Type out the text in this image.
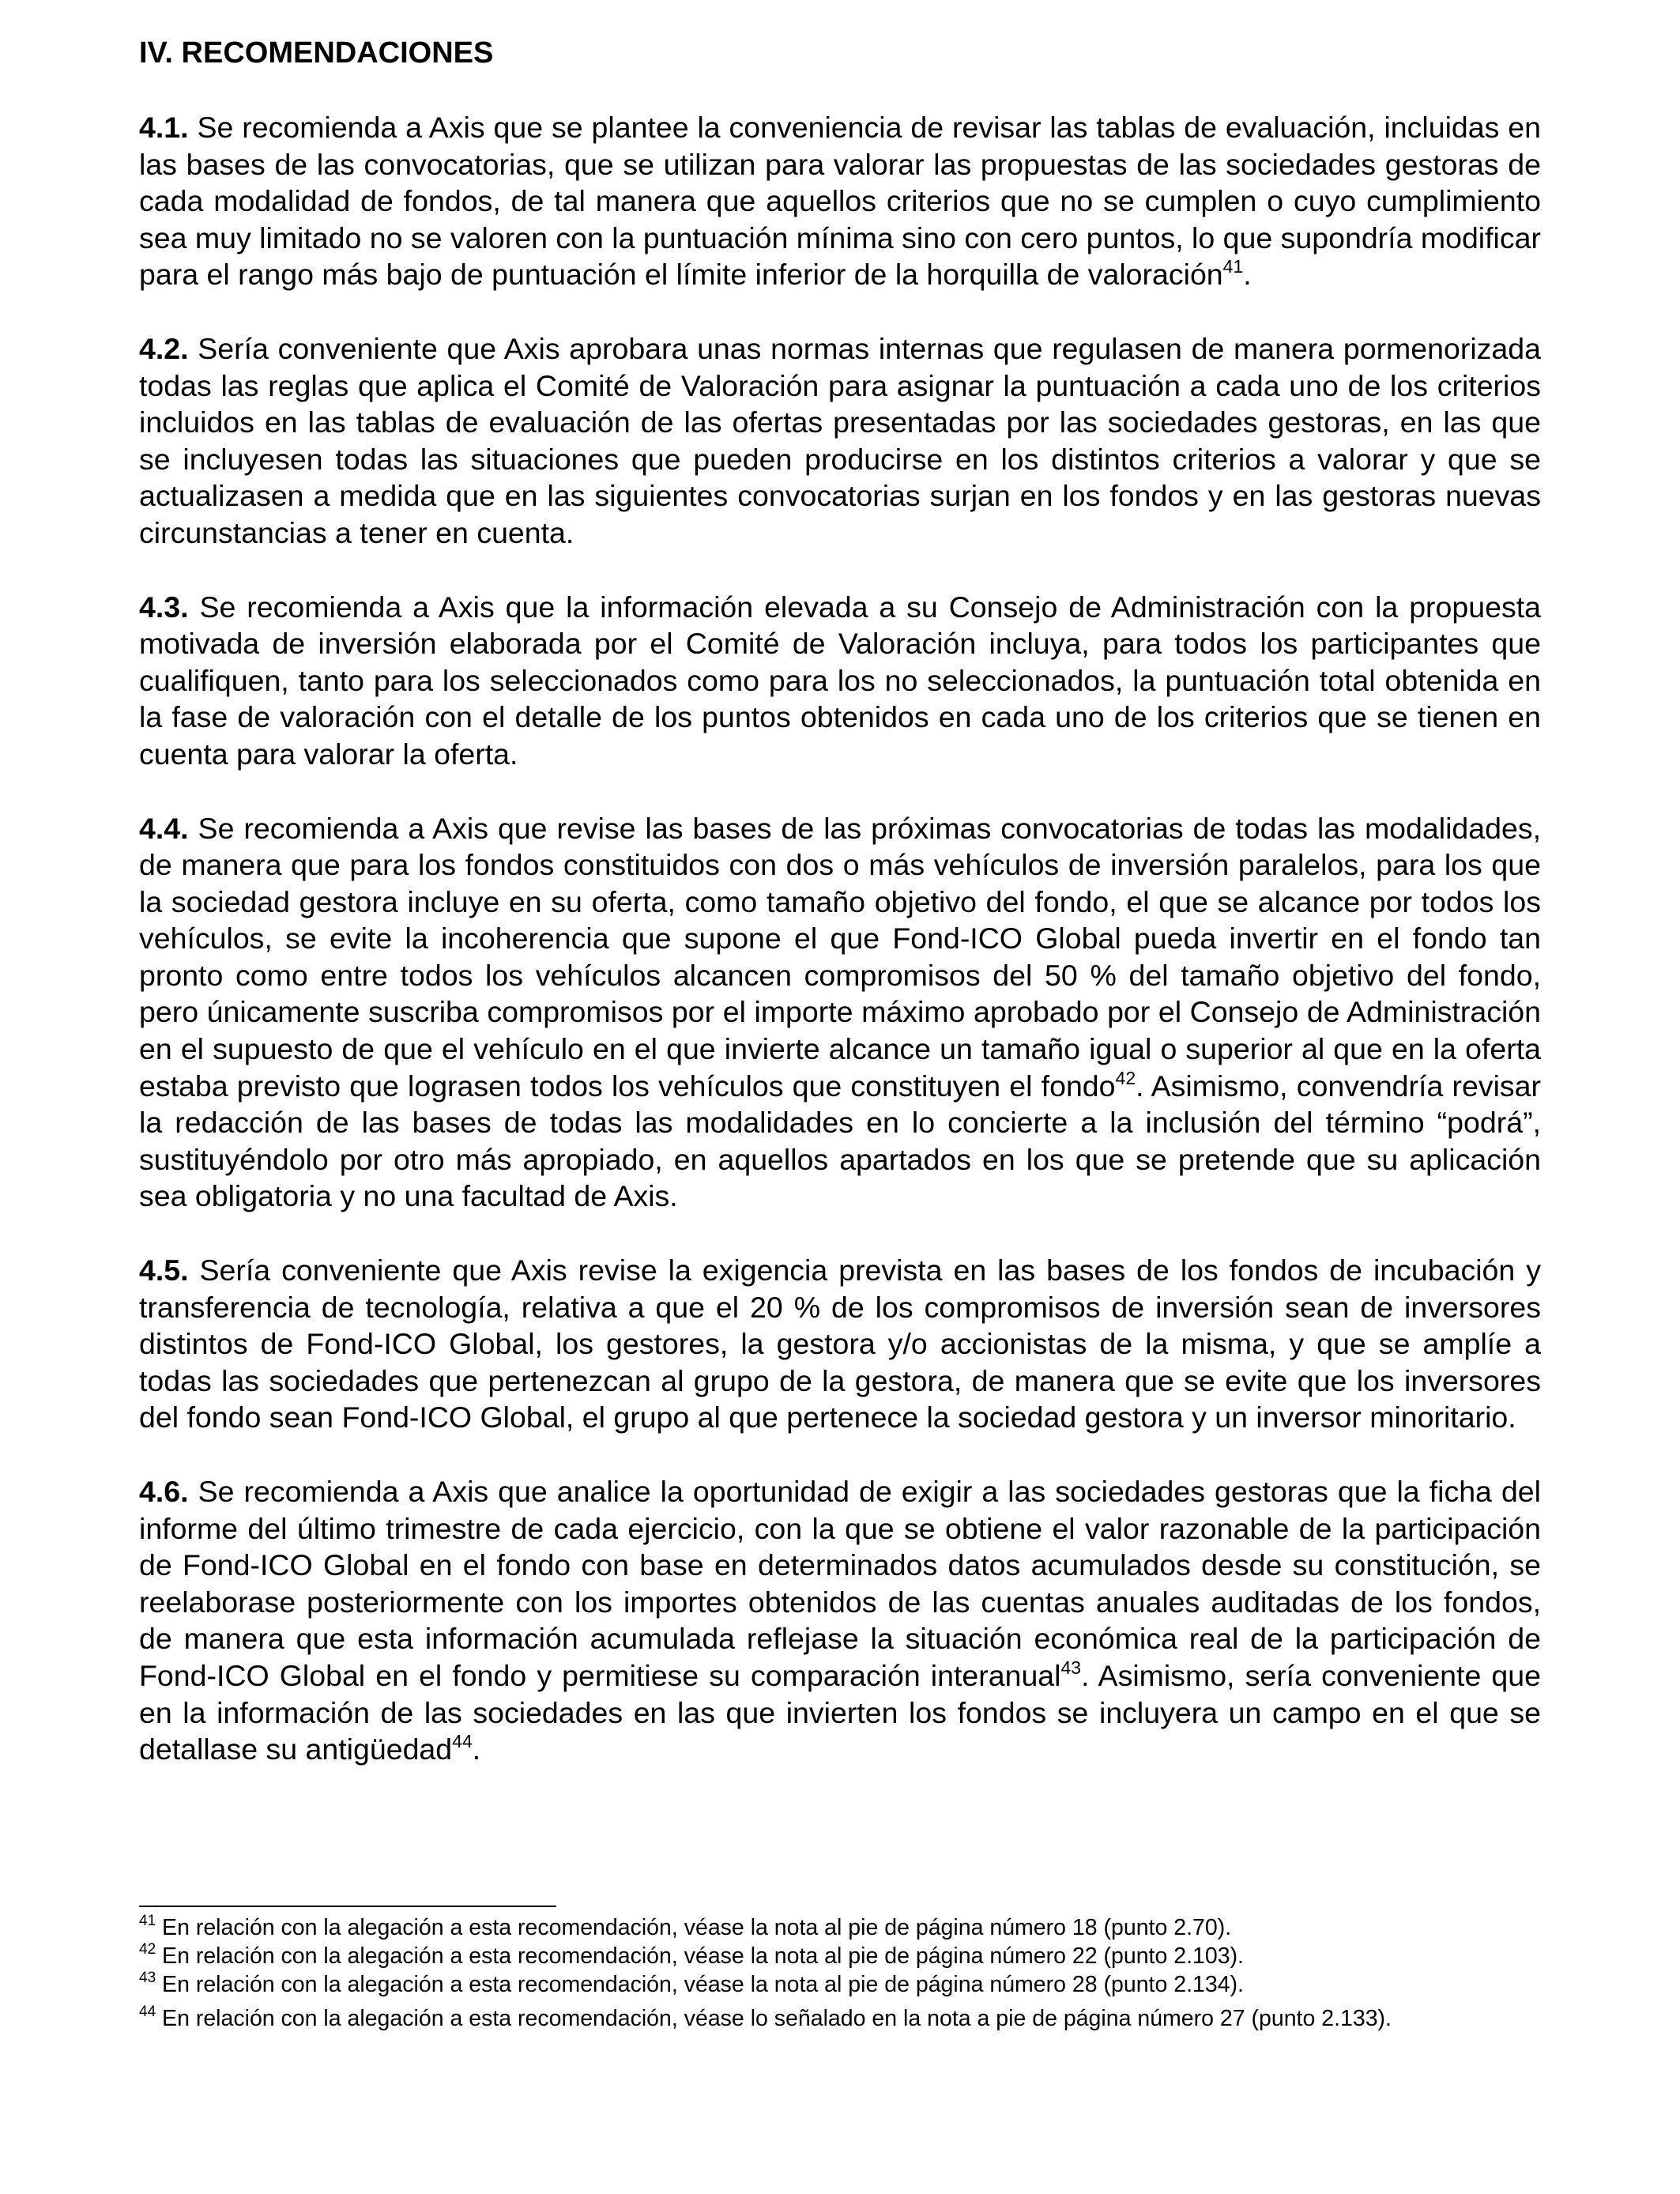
IV. RECOMENDACIONES

4.1. Se recomienda a Axis que se plantee la conveniencia de revisar las tablas de evaluación, incluidas en las bases de las convocatorias, que se utilizan para valorar las propuestas de las sociedades gestoras de cada modalidad de fondos, de tal manera que aquellos criterios que no se cumplen o cuyo cumplimiento sea muy limitado no se valoren con la puntuación mínima sino con cero puntos, lo que supondría modificar para el rango más bajo de puntuación el límite inferior de la horquilla de valoración$^{41}$.

4.2. Sería conveniente que Axis aprobara unas normas internas que regulasen de manera pormenorizada todas las reglas que aplica el Comité de Valoración para asignar la puntuación a cada uno de los criterios incluidos en las tablas de evaluación de las ofertas presentadas por las sociedades gestoras, en las que se incluyesen todas las situaciones que pueden producirse en los distintos criterios a valorar y que se actualizasen a medida que en las siguientes convocatorias surjan en los fondos y en las gestoras nuevas circunstancias a tener en cuenta.

4.3. Se recomienda a Axis que la información elevada a su Consejo de Administración con la propuesta motivada de inversión elaborada por el Comité de Valoración incluya, para todos los participantes que cualifiquen, tanto para los seleccionados como para los no seleccionados, la puntuación total obtenida en la fase de valoración con el detalle de los puntos obtenidos en cada uno de los criterios que se tienen en cuenta para valorar la oferta.

4.4. Se recomienda a Axis que revise las bases de las próximas convocatorias de todas las modalidades, de manera que para los fondos constituidos con dos o más vehículos de inversión paralelos, para los que la sociedad gestora incluye en su oferta, como tamaño objetivo del fondo, el que se alcance por todos los vehículos, se evite la incoherencia que supone el que Fond-ICO Global pueda invertir en el fondo tan pronto como entre todos los vehículos alcancen compromisos del 50 % del tamaño objetivo del fondo, pero únicamente suscriba compromisos por el importe máximo aprobado por el Consejo de Administración en el supuesto de que el vehículo en el que invierte alcance un tamaño igual o superior al que en la oferta estaba previsto que lograsen todos los vehículos que constituyen el fondo$^{42}$. Asimismo, convendría revisar la redacción de las bases de todas las modalidades en lo concierte a la inclusión del término “podrá”, sustituyéndolo por otro más apropiado, en aquellos apartados en los que se pretende que su aplicación sea obligatoria y no una facultad de Axis.

4.5. Sería conveniente que Axis revise la exigencia prevista en las bases de los fondos de incubación y transferencia de tecnología, relativa a que el 20 % de los compromisos de inversión sean de inversores distintos de Fond-ICO Global, los gestores, la gestora y/o accionistas de la misma, y que se amplíe a todas las sociedades que pertenezcan al grupo de la gestora, de manera que se evite que los inversores del fondo sean Fond-ICO Global, el grupo al que pertenece la sociedad gestora y un inversor minoritario.

4.6. Se recomienda a Axis que analice la oportunidad de exigir a las sociedades gestoras que la ficha del informe del último trimestre de cada ejercicio, con la que se obtiene el valor razonable de la participación de Fond-ICO Global en el fondo con base en determinados datos acumulados desde su constitución, se reelaborase posteriormente con los importes obtenidos de las cuentas anuales auditadas de los fondos, de manera que esta información acumulada reflejase la situación económica real de la participación de Fond-ICO Global en el fondo y permitiese su comparación interanual$^{43}$. Asimismo, sería conveniente que en la información de las sociedades en las que invierten los fondos se incluyera un campo en el que se detallase su antigüedad$^{44}$.

$^{41}$ En relación con la alegación a esta recomendación, véase la nota al pie de página número 18 (punto 2.70).

$^{42}$ En relación con la alegación a esta recomendación, véase la nota al pie de página número 22 (punto 2.103).

$^{43}$ En relación con la alegación a esta recomendación, véase la nota al pie de página número 28 (punto 2.134).

$^{44}$ En relación con la alegación a esta recomendación, véase lo señalado en la nota a pie de página número 27 (punto 2.133).
